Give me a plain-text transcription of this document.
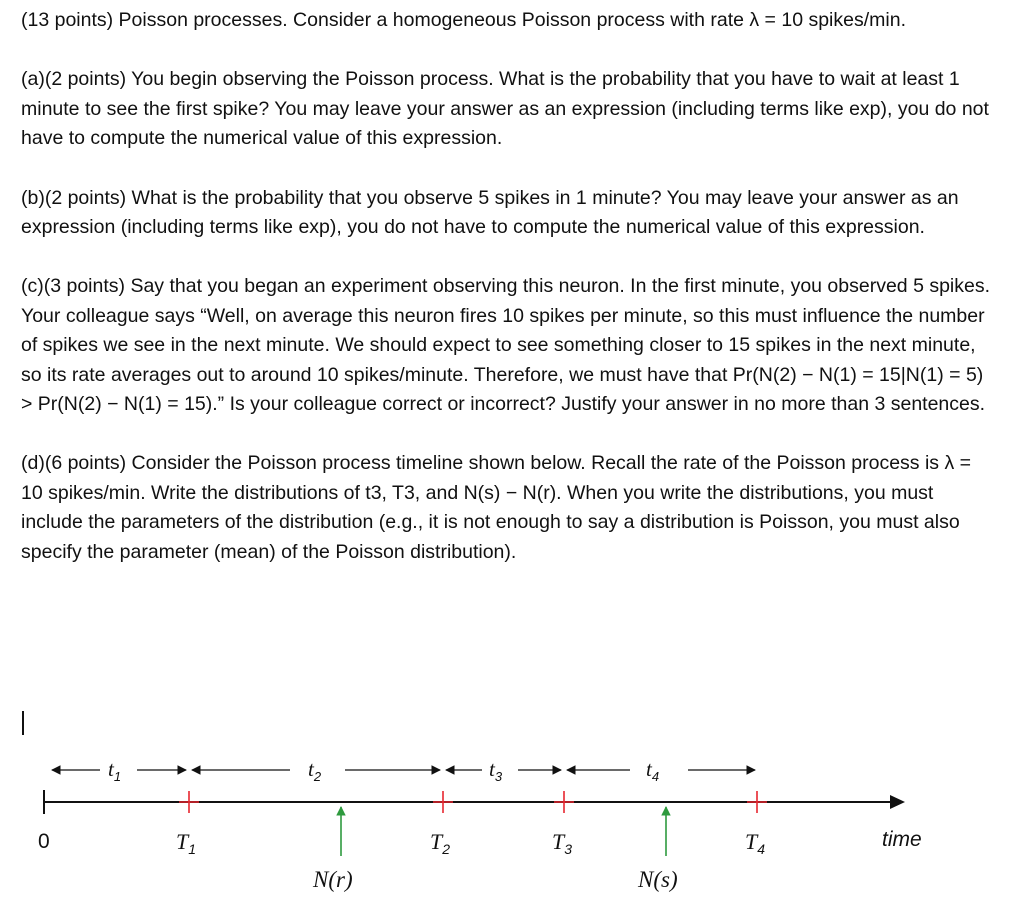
(13 points) Poisson processes. Consider a homogeneous Poisson process with rate λ = 10 spikes/min.

(a)(2 points) You begin observing the Poisson process. What is the probability that you have to wait at least 1 minute to see the first spike? You may leave your answer as an expression (including terms like exp), you do not have to compute the numerical value of this expression.

(b)(2 points) What is the probability that you observe 5 spikes in 1 minute? You may leave your answer as an expression (including terms like exp), you do not have to compute the numerical value of this expression.

(c)(3 points) Say that you began an experiment observing this neuron. In the first minute, you observed 5 spikes. Your colleague says “Well, on average this neuron fires 10 spikes per minute, so this must influence the number of spikes we see in the next minute. We should expect to see something closer to 15 spikes in the next minute, so its rate averages out to around 10 spikes/minute. Therefore, we must have that Pr(N(2) − N(1) = 15|N(1) = 5) > Pr(N(2) − N(1) = 15).” Is your colleague correct or incorrect? Justify your answer in no more than 3 sentences.

(d)(6 points) Consider the Poisson process timeline shown below. Recall the rate of the Poisson process is λ = 10 spikes/min. Write the distributions of t3, T3, and N(s) − N(r). When you write the distributions, you must include the parameters of the distribution (e.g., it is not enough to say a distribution is Poisson, you must also specify the parameter (mean) of the Poisson distribution).

$t_1$	$t_2$	$t_3$	$t_4$
0	time
$T_1$	$T_2$	$T_3$	$T_4$
N(r)	N(s)
